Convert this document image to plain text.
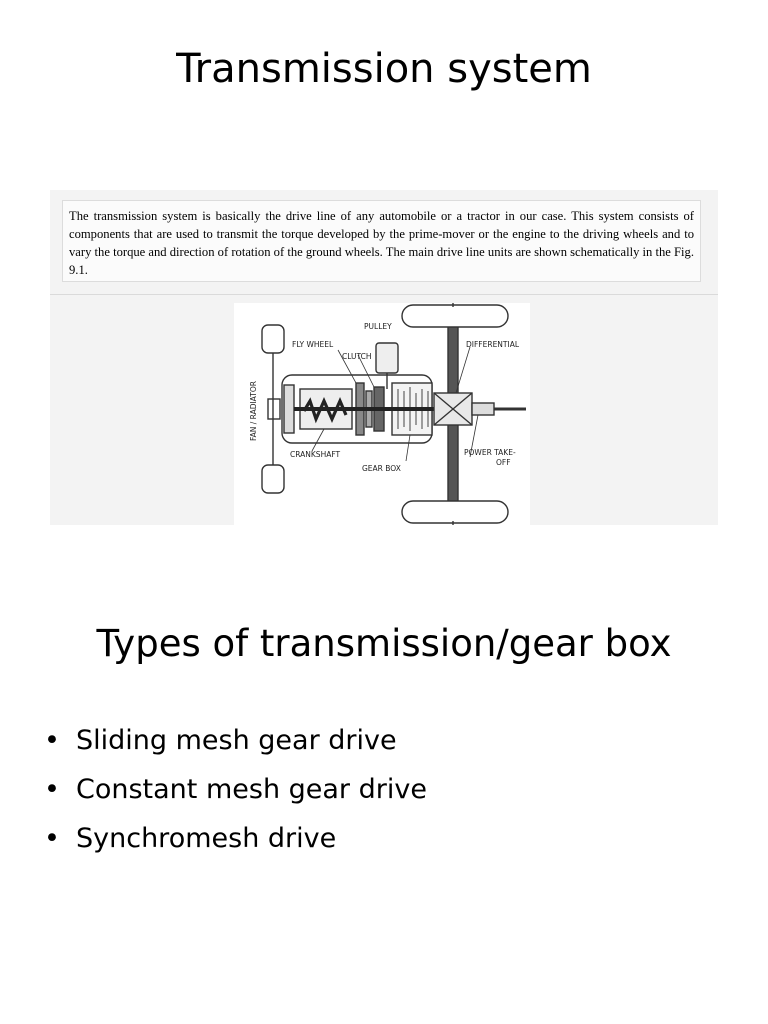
Transmission system

The transmission system is basically the drive line of any automobile or a tractor in our case. This system consists of components that are used to transmit the torque developed by the prime-mover or the engine to the driving wheels and to vary the torque and direction of rotation of the ground wheels. The main drive line units are shown schematically in the Fig. 9.1.

PULLEY
FLY WHEEL
CLUTCH
DIFFERENTIAL
FAN / RADIATOR
CRANKSHAFT
GEAR BOX
POWER TAKE-
OFF
Types of transmission/gear box
• Sliding mesh gear drive
• Constant mesh gear drive
• Synchromesh drive
